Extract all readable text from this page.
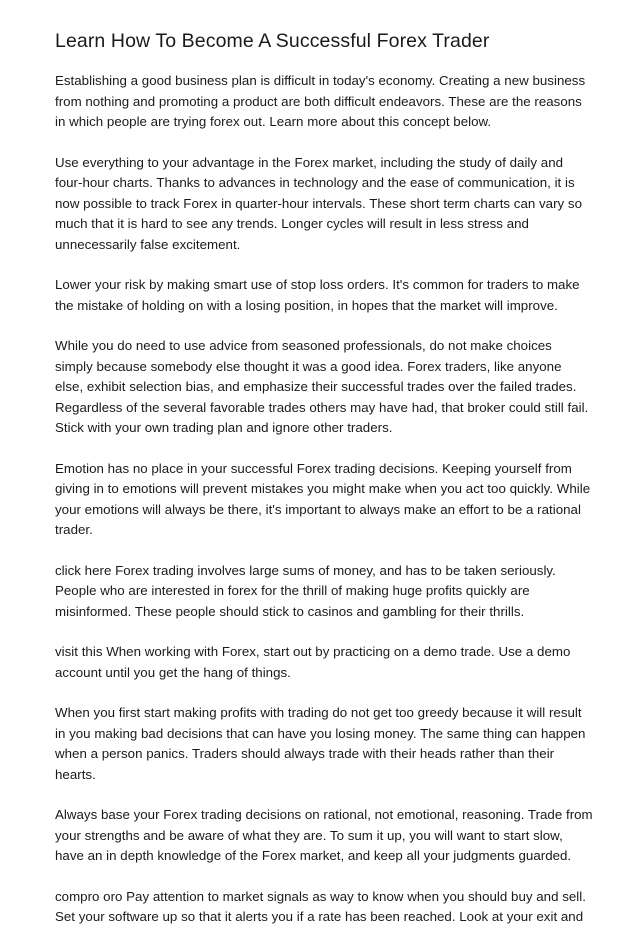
Learn How To Become A Successful Forex Trader

Establishing a good business plan is difficult in today's economy. Creating a new business from nothing and promoting a product are both difficult endeavors. These are the reasons in which people are trying forex out. Learn more about this concept below.

Use everything to your advantage in the Forex market, including the study of daily and four-hour charts. Thanks to advances in technology and the ease of communication, it is now possible to track Forex in quarter-hour intervals. These short term charts can vary so much that it is hard to see any trends. Longer cycles will result in less stress and unnecessarily false excitement.

Lower your risk by making smart use of stop loss orders. It's common for traders to make the mistake of holding on with a losing position, in hopes that the market will improve.

While you do need to use advice from seasoned professionals, do not make choices simply because somebody else thought it was a good idea. Forex traders, like anyone else, exhibit selection bias, and emphasize their successful trades over the failed trades. Regardless of the several favorable trades others may have had, that broker could still fail. Stick with your own trading plan and ignore other traders.

Emotion has no place in your successful Forex trading decisions. Keeping yourself from giving in to emotions will prevent mistakes you might make when you act too quickly. While your emotions will always be there, it's important to always make an effort to be a rational trader.

click here Forex trading involves large sums of money, and has to be taken seriously. People who are interested in forex for the thrill of making huge profits quickly are misinformed. These people should stick to casinos and gambling for their thrills.

visit this When working with Forex, start out by practicing on a demo trade. Use a demo account until you get the hang of things.

When you first start making profits with trading do not get too greedy because it will result in you making bad decisions that can have you losing money. The same thing can happen when a person panics. Traders should always trade with their heads rather than their hearts.

Always base your Forex trading decisions on rational, not emotional, reasoning. Trade from your strengths and be aware of what they are. To sum it up, you will want to start slow, have an in depth knowledge of the Forex market, and keep all your judgments guarded.

compro oro Pay attention to market signals as way to know when you should buy and sell. Set your software up so that it alerts you if a rate has been reached. Look at your exit and
